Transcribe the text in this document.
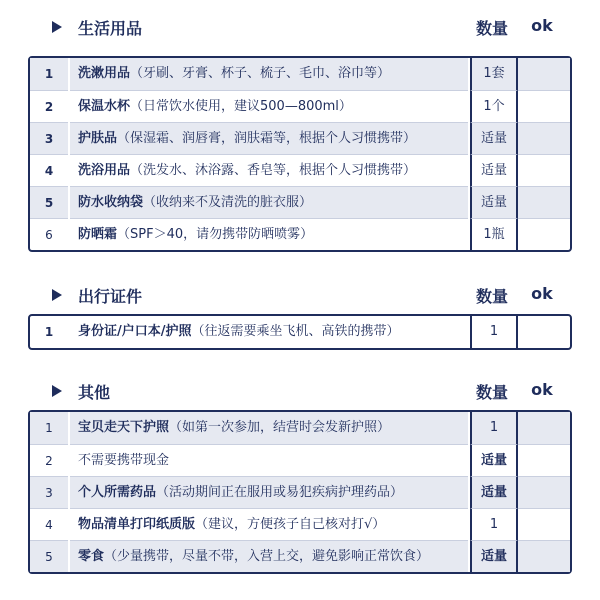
生活用品	数量	ok
1	洗漱用品（牙刷、牙膏、杯子、梳子、毛巾、浴巾等）	1套
2	保温水杯（日常饮水使用，建议500—800ml）	1个
3	护肤品（保湿霜、润唇膏，润肤霜等，根据个人习惯携带）	适量
4	洗浴用品（洗发水、沐浴露、香皂等，根据个人习惯携带）	适量
5	防水收纳袋（收纳来不及清洗的脏衣服）	适量
6	防晒霜（SPF＞40，请勿携带防晒喷雾）	1瓶
出行证件	数量	ok
1	身份证/户口本/护照（往返需要乘坐飞机、高铁的携带）	1
其他	数量	ok
1	宝贝走天下护照（如第一次参加，结营时会发新护照）	1
2	不需要携带现金	适量
3	个人所需药品（活动期间正在服用或易犯疾病护理药品）	适量
4	物品清单打印纸质版（建议，方便孩子自己核对打√）	1
5	零食（少量携带，尽量不带，入营上交，避免影响正常饮食）	适量
